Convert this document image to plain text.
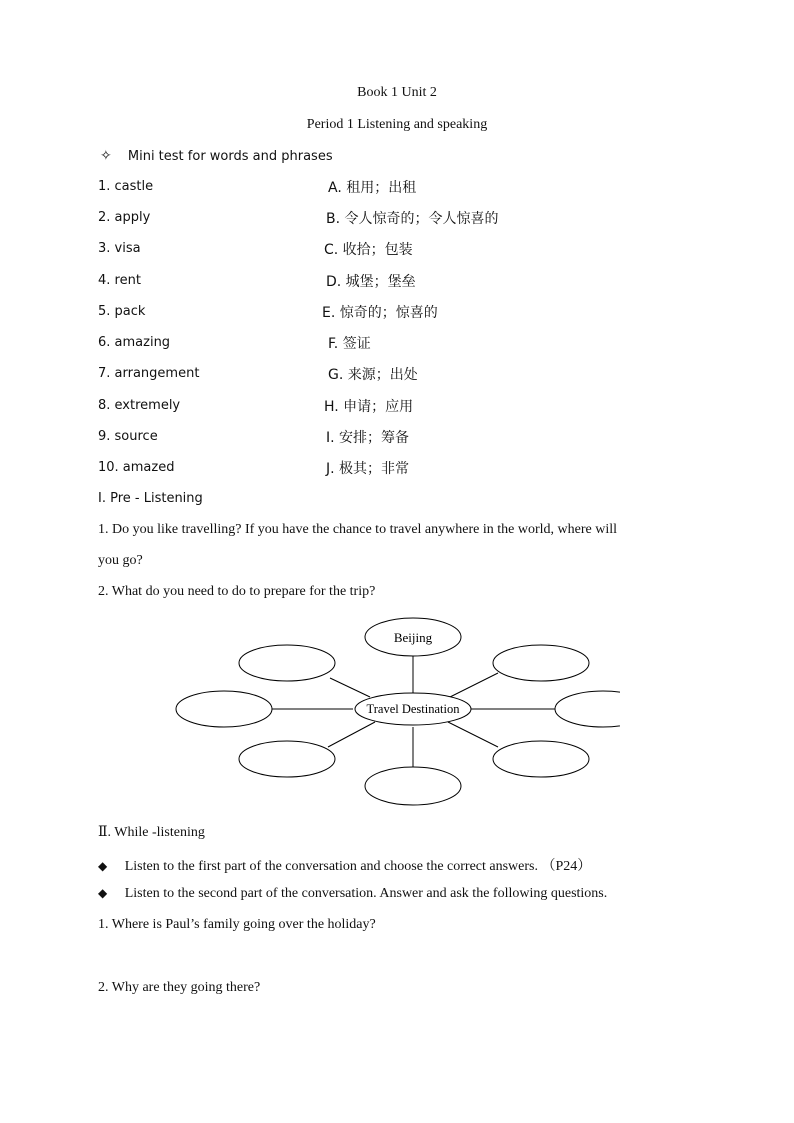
Book 1 Unit 2
Period 1 Listening and speaking
✧ Mini test for words and phrases
1. castle	A. 租用；出租
2. apply	B. 令人惊奇的；令人惊喜的
3. visa	C. 收拾；包装
4. rent	D. 城堡；堡垒
5. pack	E. 惊奇的；惊喜的
6. amazing	F. 签证
7. arrangement	G. 来源；出处
8. extremely	H. 申请；应用
9. source	I. 安排；筹备
10. amazed	J. 极其；非常
Ⅰ. Pre - Listening
1. Do you like travelling? If you have the chance to travel anywhere in the world, where will
you go?
2. What do you need to do to prepare for the trip?
Beijing
Travel Destination
Ⅱ. While -listening
◆ Listen to the first part of the conversation and choose the correct answers. （P24）
◆ Listen to the second part of the conversation. Answer and ask the following questions.
1. Where is Paul’s family going over the holiday?
2. Why are they going there?
